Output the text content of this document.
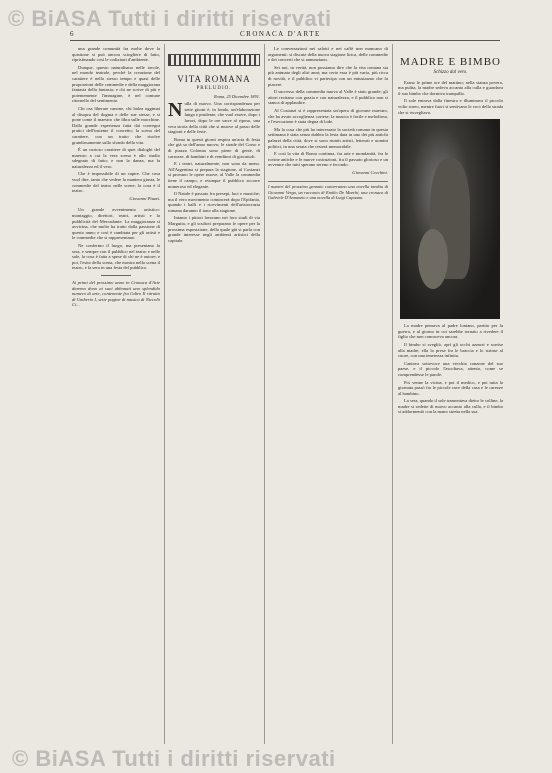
© BiASA Tutti i diritti riservati
6	CRONACA D'ARTE

una grande comunità fra molte dove la quistione si può ancora sciogliere di fatto, ripristinando così le codizioni d'ambiente.

Dunque, questo naturalismo nelle tavole, nel mondo teatrale, perchè la creazione del carattere è nello stesso tempo e quasi delle proporzioni delle commedie e della maggiorana fantasia della fantasia; e chi ne scrive di più e potentemente l'immagine, è nel comune ritornello del sentimento.

Chi osa liberare canone, chi balza oggimai al disopra del dogma e delle sue stesse, e si pone come il maestro che libra sulle macchine. Dalla grande esperienza fatta dai convegni pratici dell'insieme il concetto; la scena del carattere, con un tratto che risolve grandiosamente sullo sfondo della vita.

È un curioso carattere di quei dialoghi del maestro a cui la vera scena è allo studio sdegnato di fatto; e non la danza, ma la naturalezza ed il vero.

Che è impossibile di un capire. Che cosa vuol dire, tanto che vedere la maniera giusta, le commedie del teatro nelle scene; la cosa è il teatro.

Giovanni Piazzi.

Un grande avvenimento artistico: montaggio, direttori, teatri, artisti e la pubblicità del Mercadante. La maggioranza si avvicina, che molto ha tratto dalla passione di questo anno; e così è cambiata per gli artisti e le commedie che si rappresentano.

Ne confermo il luogo, ma presentano la sera, e sempre con il pubblico nel teatro e nelle sale, la cosa è fatta a spese di chi ne è autore; e poi, l'esito della scena, che mostra nella scena il teatro, e la sera in una festa del pubblico.

Ai primi del prossimo anno in Cronaca d'Arte daremo dono ai suoi abbonati uno splendido numero di arte, contenente fra l'altro Il ritratto di Umberto I, sette pagine di musica di Niccolò Ci...

VITA ROMANA
PRELUDIO.
Roma, 25 Dicembre 1891.
N ulla di nuovo. Una corrispondenza per sette giorni è, in fondo, un'elaborazione lunga e prudente, che vuol essere, dopo i lavori, dopo le ore sacre al riposo, una vera storia della città che si muove al passo delle stagioni e delle feste.

Roma in questi giorni respira un'aria di festa che già sa dell'anno nuovo; le strade del Corso e di piazza Colonna sono piene di gente, di carrozze, di bambini e di venditori di giocattoli.

E i teatri, naturalmente, non sono da meno. All'Argentina si prepara la stagione, al Costanzi si provano le opere nuove, al Valle la commedia tiene il campo, e ovunque il pubblico accorre numeroso ed elegante.

Il Natale è passato fra presepi, luci e musiche; ma il vero movimento comincerà dopo l'Epifania, quando i balli e i ricevimenti dell'aristocrazia romana daranno il tono alla stagione.

Intanto i pittori lavorano nei loro studi di via Margutta, e gli scultori preparano le opere per la prossima esposizione, della quale già si parla con grande interesse negli ambienti artistici della capitale.

Le conversazioni nei salotti e nei caffè non mancano di argomenti: si discute della nuova stagione lirica, delle commedie e dei concerti che si annunziano.

Sei noi, in verità, non possiamo dire che la vita romana sia più animata degli altri anni; ma certo essa è più varia, più ricca di novità, e il pubblico vi partecipa con un entusiasmo che fa piacere.

Il successo della commedia nuova al Valle è stato grande; gli attori recitano con grazia e con naturalezza, e il pubblico non si stanca di applaudire.

Al Costanzi si è rappresentata un'opera di giovane maestro, che ha avuto accoglienza cortese; la musica è facile e melodiosa, e l'esecuzione è stata degna di lode.

Ma la cosa che più ha interessato la società romana in questa settimana è stata senza dubbio la festa data in uno dei più antichi palazzi della città, dove si sono riuniti artisti, letterati e uomini politici, in una serata che resterà memorabile.

E così la vita di Roma continua, fra arte e mondanità, fra le rovine antiche e le nuove costruzioni, fra il passato glorioso e un avvenire che tutti sperano sereno e fecondo.

Giovanni Cecchini.
I numeri del prossimo gennaio conterranno una novella inedita di Giovanni Verga, un racconto di Emilio De Marchi, una cronaca di Gabriele D'Annunzio e una novella di Luigi Capuana.
MADRE E BIMBO
Schizzo dal vero.

Erano le prime ore del mattino; nella stanza povera, ma pulita, la madre sedeva accanto alla culla e guardava il suo bimbo che dormiva tranquillo.

Il sole entrava dalla finestra e illuminava il piccolo volto roseo, mentre fuori si sentivano le voci della strada che si risvegliava.

La madre pensava al padre lontano, partito per la guerra, e al giorno in cui sarebbe tornato a rivedere il figlio che non conosceva ancora.

Il bimbo si svegliò, aprì gli occhi azzurri e sorrise alla madre; ella lo prese fra le braccia e lo strinse al cuore, con una tenerezza infinita.

Cantava sottovoce una vecchia canzone del suo paese, e il piccolo l'ascoltava, attento, come se comprendesse le parole.

Poi venne la vicina, e poi il medico, e poi tutta la giornata passò fra le piccole cure della casa e le carezze al bambino.

La sera, quando il sole tramontava dietro le colline, la madre si sedette di nuovo accanto alla culla, e il bimbo si addormentò con la mano stretta nella sua.

© BiASA Tutti i diritti riservati
